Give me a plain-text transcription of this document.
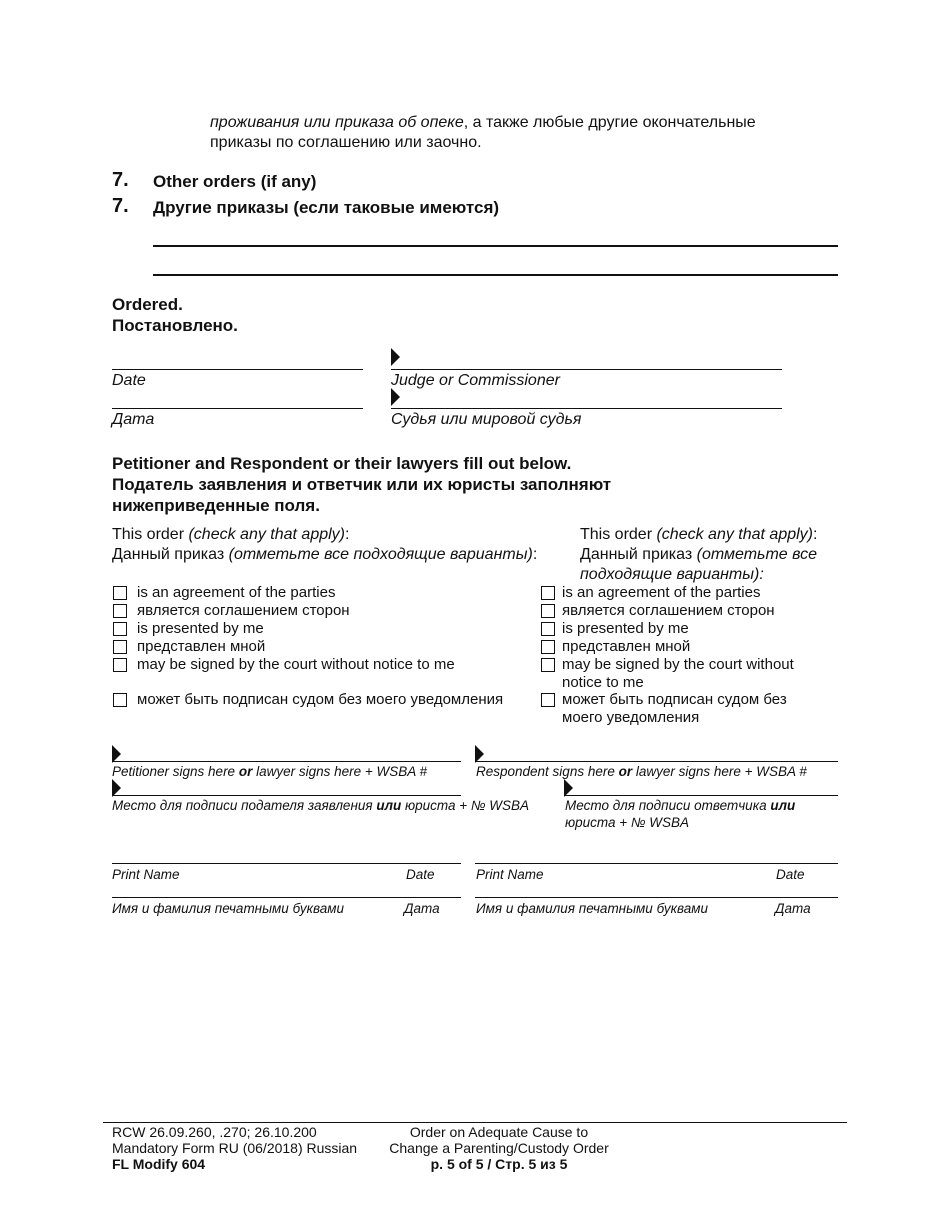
проживания или приказа об опеке, а также любые другие окончательные
приказы по соглашению или заочно.
7. Other orders (if any)
7. Другие приказы (если таковые имеются)
Ordered.
Постановлено.
Date	Judge or Commissioner
Дата	Судья или мировой судья
Petitioner and Respondent or their lawyers fill out below.
Податель заявления и ответчик или их юристы заполняют
нижеприведенные поля.
This order (check any that apply):
Данный приказ (отметьте все подходящие варианты):
This order (check any that apply):
Данный приказ (отметьте все
подходящие варианты):
is an agreement of the parties
является соглашением сторон
is presented by me
представлен мной
may be signed by the court without notice to me
может быть подписан судом без моего уведомления
is an agreement of the parties
является соглашением сторон
is presented by me
представлен мной
may be signed by the court without
notice to me
может быть подписан судом без
моего уведомления
Petitioner signs here or lawyer signs here + WSBA #	Respondent signs here or lawyer signs here + WSBA #
Место для подписи подателя заявления или юриста + № WSBA	Место для подписи ответчика или
юриста + № WSBA
Print Name	Date	Print Name	Date
Имя и фамилия печатными буквами	Дата	Имя и фамилия печатными буквами	Дата
RCW 26.09.260, .270; 26.10.200
Mandatory Form RU (06/2018) Russian
FL Modify 604
Order on Adequate Cause to
Change a Parenting/Custody Order
p. 5 of 5 / Стр. 5 из 5
